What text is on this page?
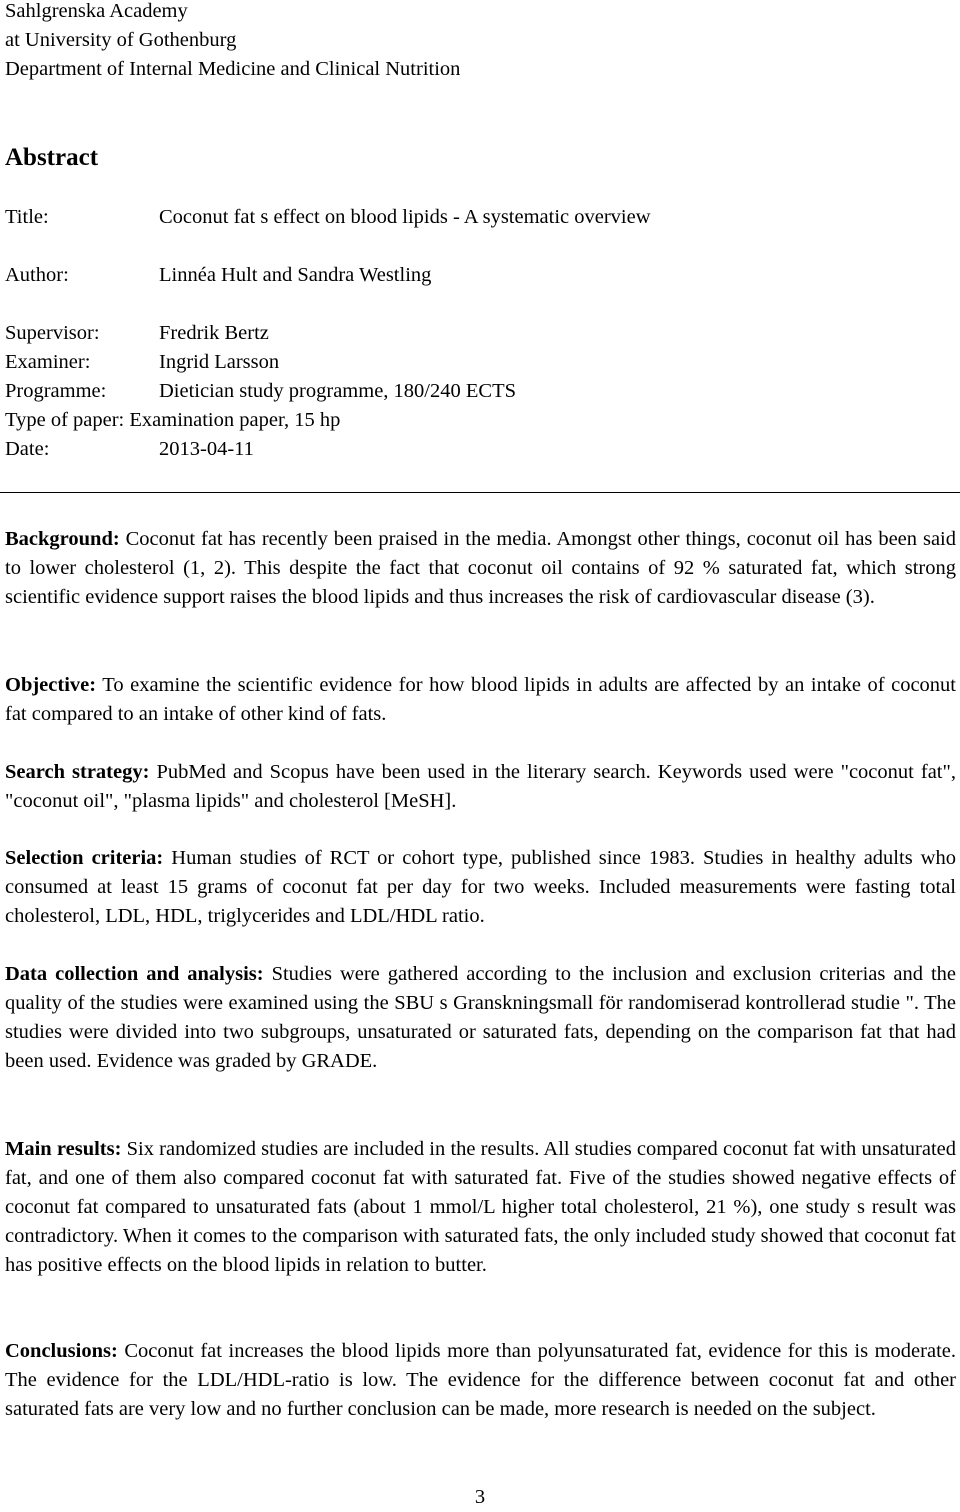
Sahlgrenska Academy
at University of Gothenburg
Department of Internal Medicine and Clinical Nutrition
Abstract
Title:	Coconut fat s effect on blood lipids - A systematic overview
Author:	Linnéa Hult and Sandra Westling
Supervisor:	Fredrik Bertz
Examiner:	Ingrid Larsson
Programme:	Dietician study programme, 180/240 ECTS
Type of paper: Examination paper, 15 hp
Date:	2013-04-11
Background: Coconut fat has recently been praised in the media. Amongst other things, coconut oil has been said to lower cholesterol (1, 2). This despite the fact that coconut oil contains of 92 % saturated fat, which strong scientific evidence support raises the blood lipids and thus increases the risk of cardiovascular disease (3).
Objective: To examine the scientific evidence for how blood lipids in adults are affected by an intake of coconut fat compared to an intake of other kind of fats.
Search strategy: PubMed and Scopus have been used in the literary search. Keywords used were "coconut fat", "coconut oil", "plasma lipids" and cholesterol [MeSH].
Selection criteria: Human studies of RCT or cohort type, published since 1983. Studies in healthy adults who consumed at least 15 grams of coconut fat per day for two weeks. Included measurements were fasting total cholesterol, LDL, HDL, triglycerides and LDL/HDL ratio.
Data collection and analysis: Studies were gathered according to the inclusion and exclusion criterias and the quality of the studies were examined using the SBU s Granskningsmall för randomiserad kontrollerad studie ". The studies were divided into two subgroups, unsaturated or saturated fats, depending on the comparison fat that had been used. Evidence was graded by GRADE.
Main results: Six randomized studies are included in the results. All studies compared coconut fat with unsaturated fat, and one of them also compared coconut fat with saturated fat. Five of the studies showed negative effects of coconut fat compared to unsaturated fats (about 1 mmol/L higher total cholesterol, 21 %), one study s result was contradictory. When it comes to the comparison with saturated fats, the only included study showed that coconut fat has positive effects on the blood lipids in relation to butter.
Conclusions: Coconut fat increases the blood lipids more than polyunsaturated fat, evidence for this is moderate. The evidence for the LDL/HDL-ratio is low. The evidence for the difference between coconut fat and other saturated fats are very low and no further conclusion can be made, more research is needed on the subject.
3
